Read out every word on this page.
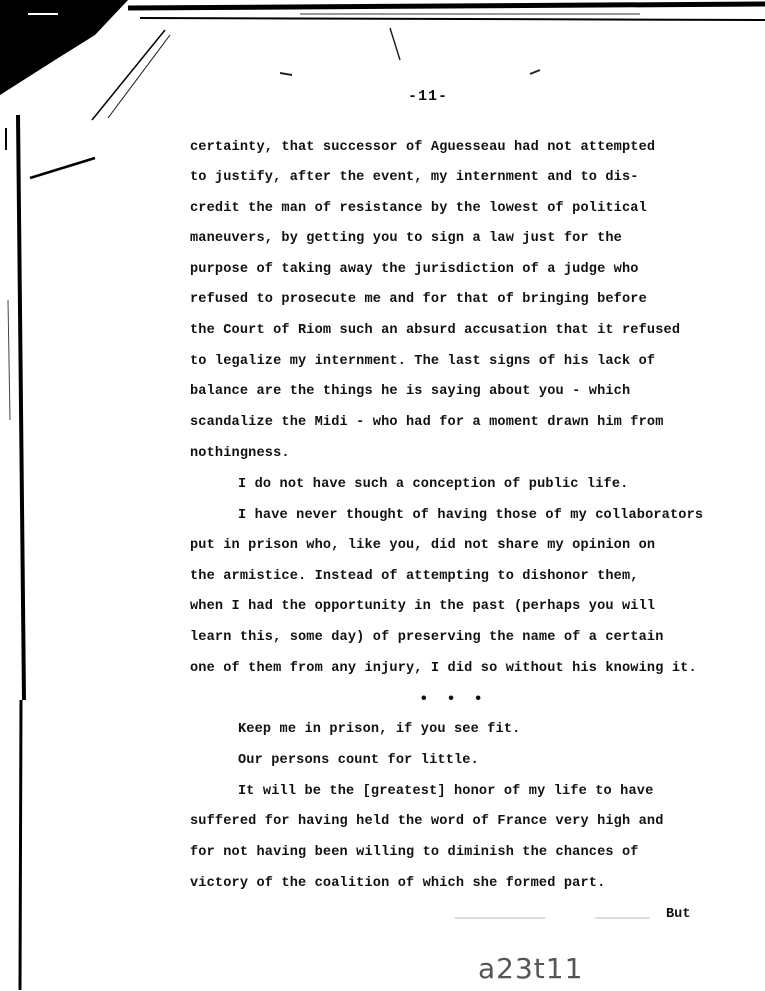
-11-
certainty, that successor of Aguesseau had not attempted
to justify, after the event, my internment and to dis-
credit the man of resistance by the lowest of political
maneuvers, by getting you to sign a law just for the
purpose of taking away the jurisdiction of a judge who
refused to prosecute me and for that of bringing before
the Court of Riom such an absurd accusation that it refused
to legalize my internment. The last signs of his lack of
balance are the things he is saying about you - which
scandalize the Midi - who had for a moment drawn him from
nothingness.
I do not have such a conception of public life.
I have never thought of having those of my collaborators
put in prison who, like you, did not share my opinion on
the armistice. Instead of attempting to dishonor them,
when I had the opportunity in the past (perhaps you will
learn this, some day) of preserving the name of a certain
one of them from any injury, I did so without his knowing it.
• • •
Keep me in prison, if you see fit.
Our persons count for little.
It will be the [greatest] honor of my life to have
suffered for having held the word of France very high and
for not having been willing to diminish the chances of
victory of the coalition of which she formed part.
But
a23t11
